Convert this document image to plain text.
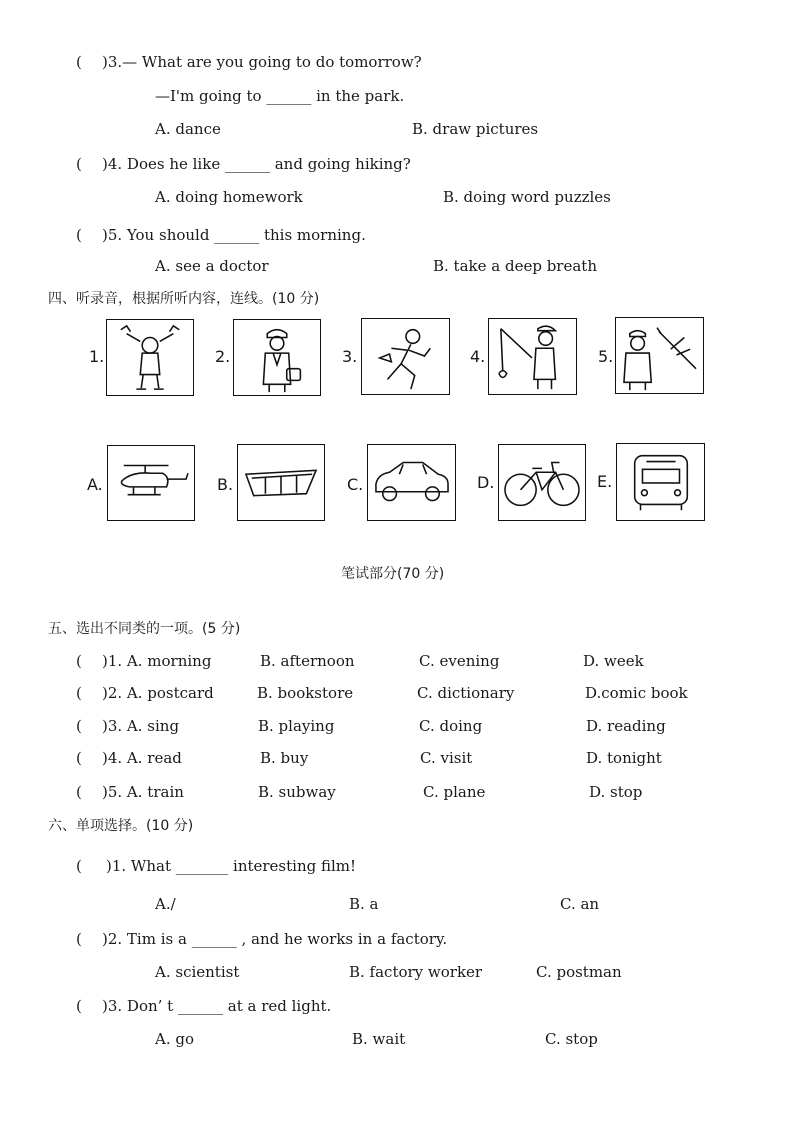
( )3.— What are you going to do tomorrow?
—I'm going to ______ in the park.
A. dance	B. draw pictures
( )4. Does he like ______ and going hiking?
A. doing homework	B. doing word puzzles
( )5. You should ______ this morning.
A. see a doctor	B. take a deep breath
四、听录音，根据所听内容，连线。(10 分)
1.	2.	3.	4.	5.
A.	B.	C.	D.	E.
笔试部分(70 分)
五、选出不同类的一项。(5 分)
( )1. A. morning	B. afternoon	C. evening	D. week
( )2. A. postcard	B. bookstore	C. dictionary	D.comic book
( )3. A. sing	B. playing	C. doing	D. reading
( )4. A. read	B. buy	C. visit	D. tonight
( )5. A. train	B. subway	C. plane	D. stop
六、单项选择。(10 分)
( )1. What _______ interesting film!
A./	B. a	C. an
( )2. Tim is a ______ , and he works in a factory.
A. scientist	B. factory worker	C. postman
( )3. Don’ t ______ at a red light.
A. go	B. wait	C. stop
